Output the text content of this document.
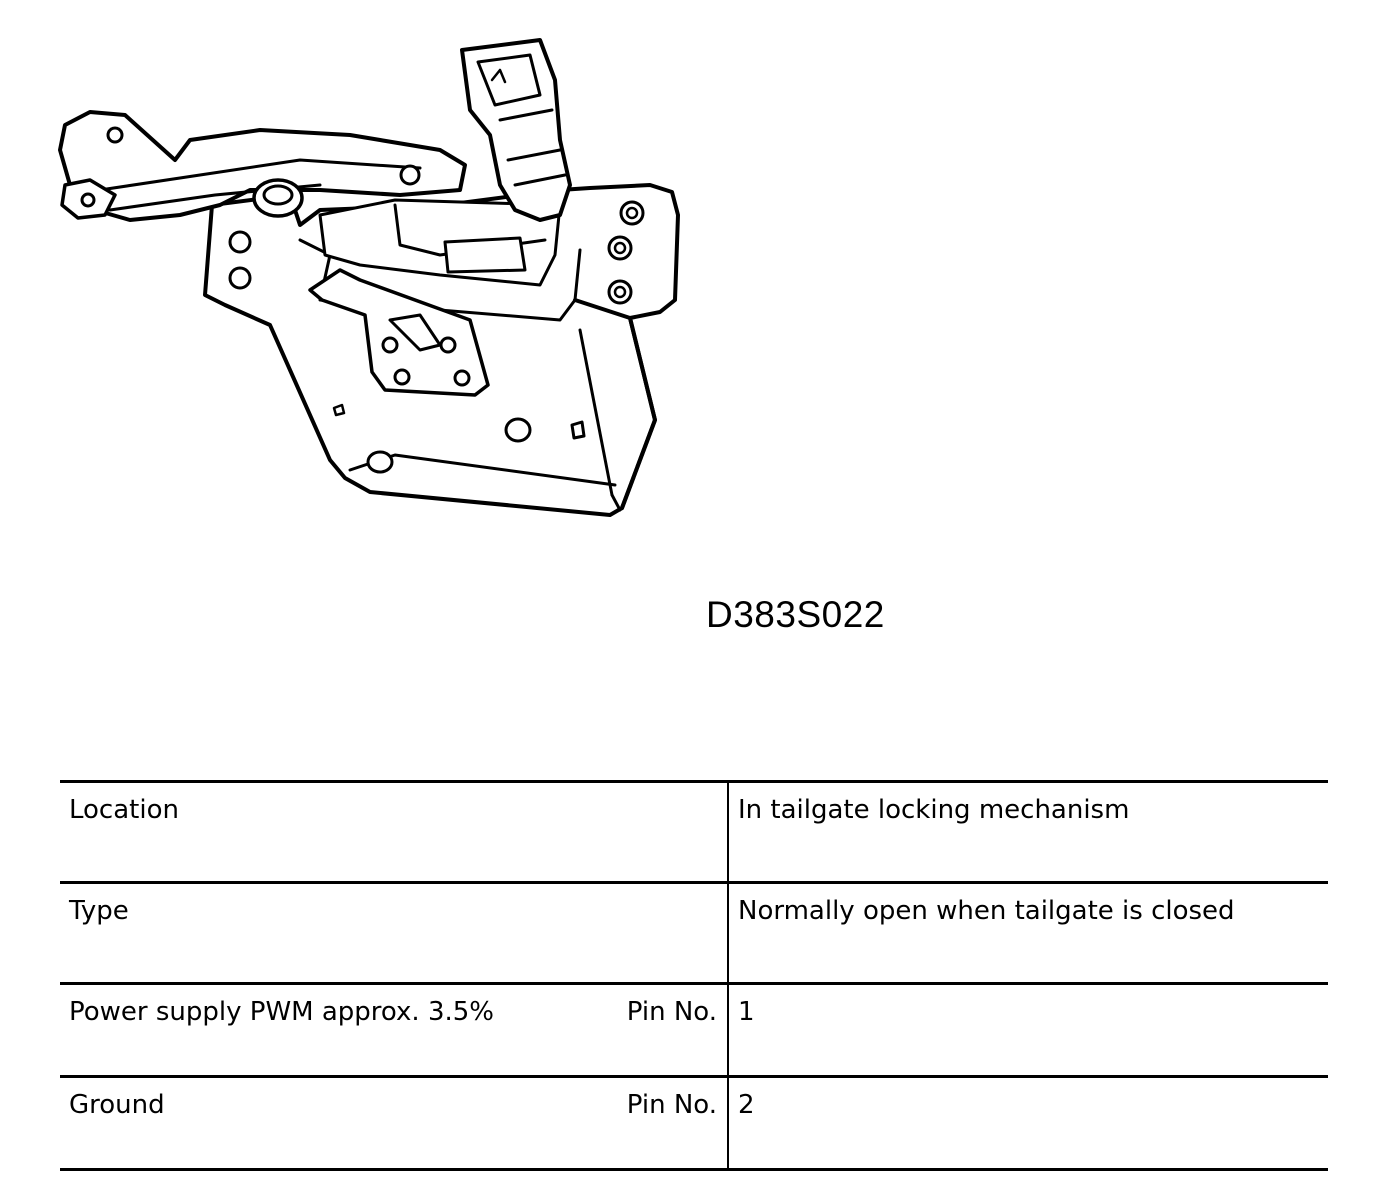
D383S022
Location	In tailgate locking mechanism
Type	Normally open when tailgate is closed
Power supply PWM approx. 3.5% Pin No.	1
Ground Pin No.	2
